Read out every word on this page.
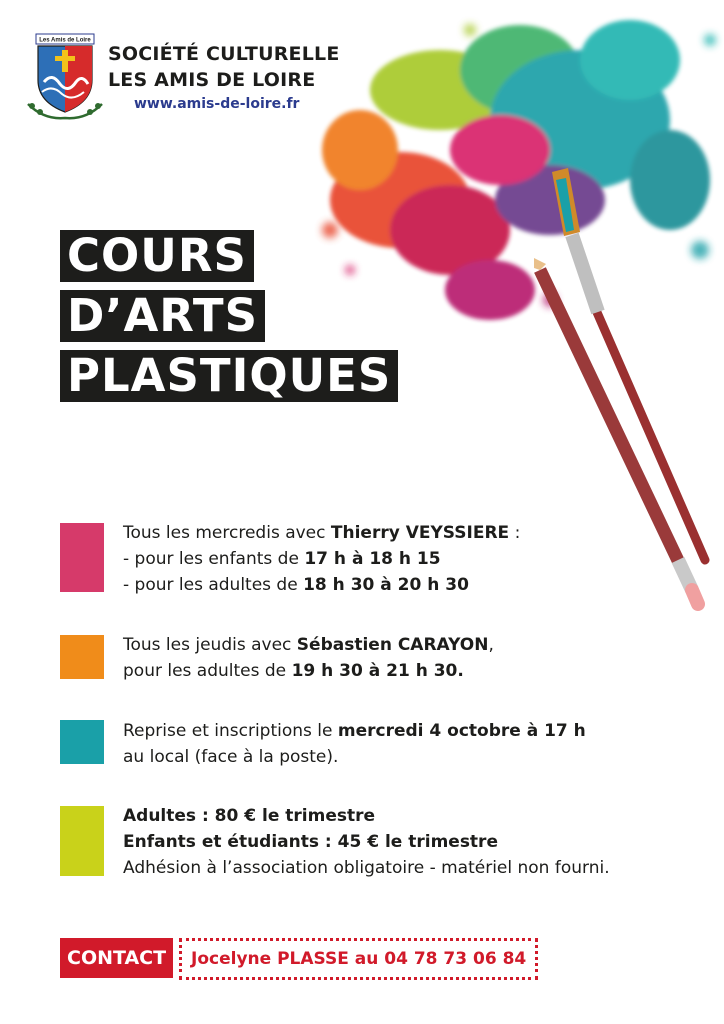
Les Amis de Loire
SOCIÉTÉ CULTURELLE
LES AMIS DE LOIRE
www.amis-de-loire.fr
COURS
D’ARTS
PLASTIQUES
Tous les mercredis avec Thierry VEYSSIERE :
- pour les enfants de 17 h à 18 h 15
- pour les adultes de 18 h 30 à 20 h 30
Tous les jeudis avec Sébastien CARAYON,
pour les adultes de 19 h 30 à 21 h 30.
Reprise et inscriptions le mercredi 4 octobre à 17 h
au local (face à la poste).
Adultes : 80 € le trimestre
Enfants et étudiants : 45 € le trimestre
Adhésion à l’association obligatoire - matériel non fourni.
CONTACT	Jocelyne PLASSE au 04 78 73 06 84
